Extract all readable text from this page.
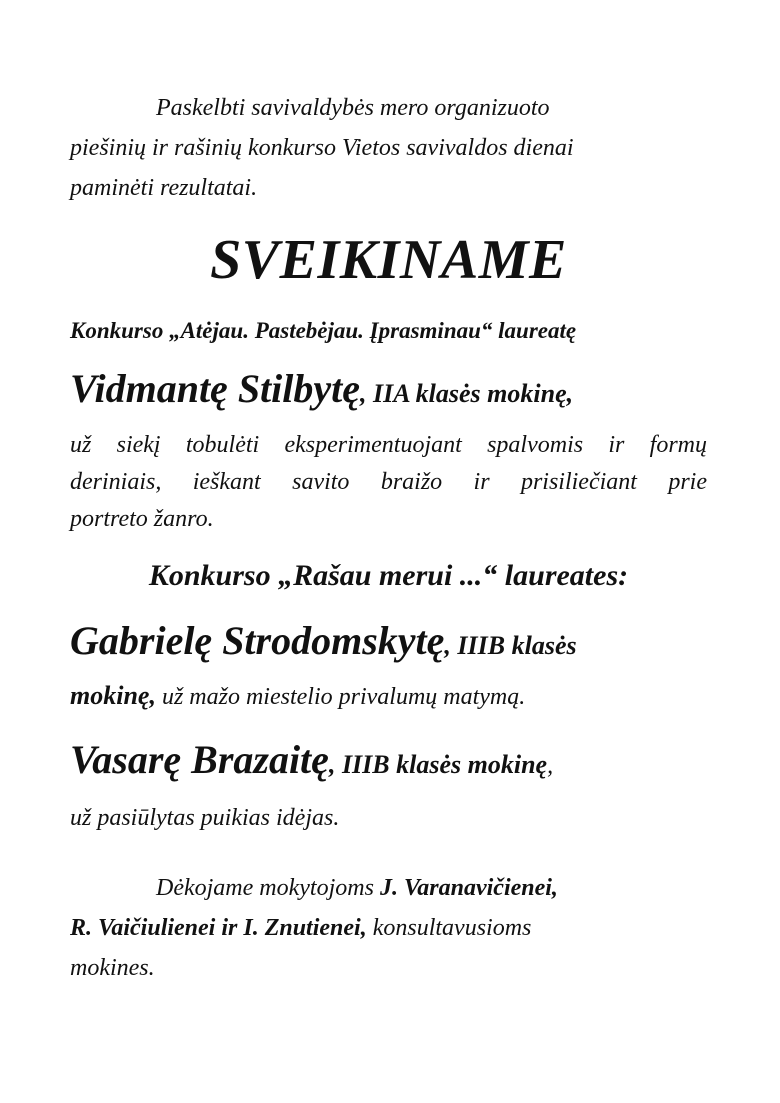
Paskelbti savivaldybės mero organizuoto
piešinių ir rašinių konkurso Vietos savivaldos dienai
paminėti rezultatai.
SVEIKINAME
Konkurso „Atėjau. Pastebėjau. Įprasminau“ laureatę
Vidmantę Stilbytę, IIA klasės mokinę,
už siekį tobulėti eksperimentuojant spalvomis ir formų
deriniais, ieškant savito braižo ir prisiliečiant prie
portreto žanro.
Konkurso „Rašau merui ...“ laureates:
Gabrielę Strodomskytę, IIIB klasės
mokinę, už mažo miestelio privalumų matymą.
Vasarę Brazaitę, IIIB klasės mokinę,
už pasiūlytas puikias idėjas.
Dėkojame mokytojoms J. Varanavičienei,
R. Vaičiulienei ir I. Znutienei, konsultavusioms
mokines.
